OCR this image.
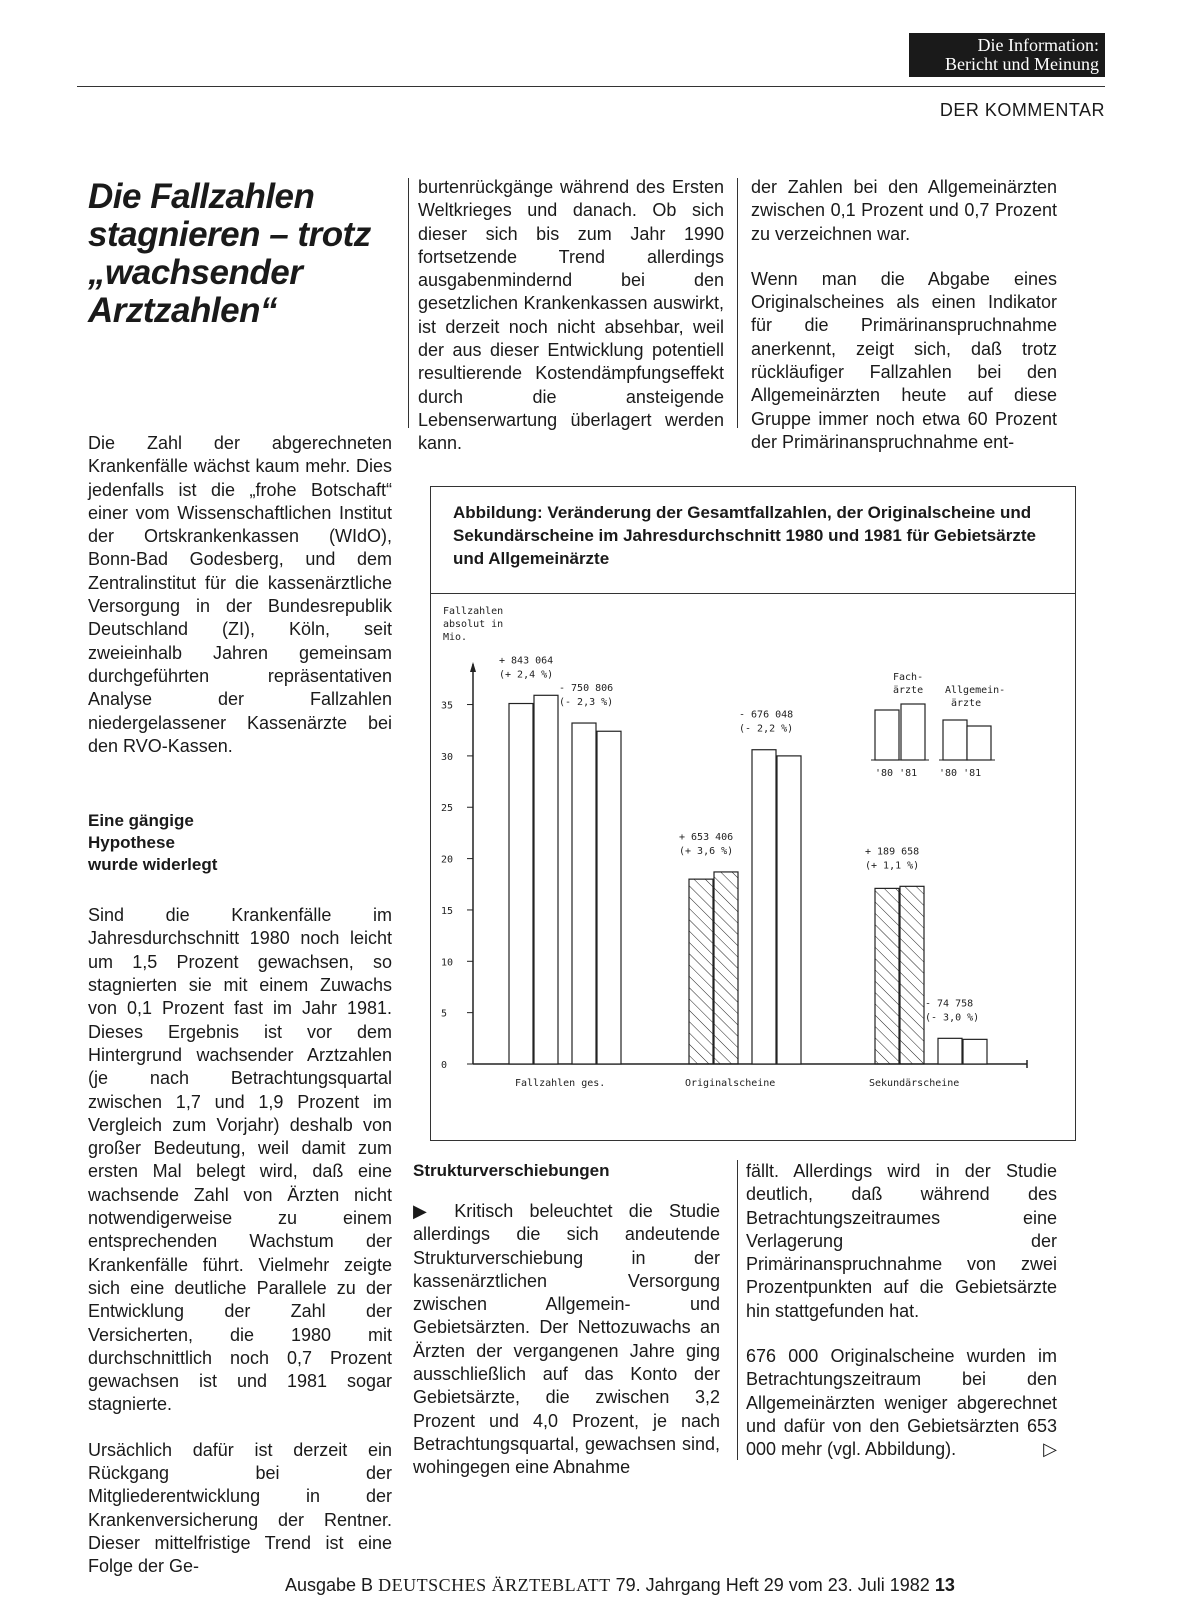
Die Information:
Bericht und Meinung
DER KOMMENTAR
Die Fallzahlen stagnieren – trotz „wachsender Arztzahlen“

Die Zahl der abgerechneten Krankenfälle wächst kaum mehr. Dies jedenfalls ist die „frohe Botschaft“ einer vom Wissenschaftlichen Institut der Ortskrankenkassen (WIdO), Bonn-Bad Godesberg, und dem Zentralinstitut für die kassenärztliche Versorgung in der Bundesrepublik Deutschland (ZI), Köln, seit zweieinhalb Jahren gemeinsam durchgeführten repräsentativen Analyse der Fallzahlen niedergelassener Kassenärzte bei den RVO-Kassen.

Eine gängige
Hypothese
wurde widerlegt

Sind die Krankenfälle im Jahresdurchschnitt 1980 noch leicht um 1,5 Prozent gewachsen, so stagnierten sie mit einem Zuwachs von 0,1 Prozent fast im Jahr 1981. Dieses Ergebnis ist vor dem Hintergrund wachsender Arztzahlen (je nach Betrachtungsquartal zwischen 1,7 und 1,9 Prozent im Vergleich zum Vorjahr) deshalb von großer Bedeutung, weil damit zum ersten Mal belegt wird, daß eine wachsende Zahl von Ärzten nicht notwendigerweise zu einem entsprechenden Wachstum der Krankenfälle führt. Vielmehr zeigte sich eine deutliche Parallele zu der Entwicklung der Zahl der Versicherten, die 1980 mit durchschnittlich noch 0,7 Prozent gewachsen ist und 1981 sogar stagnierte.

Ursächlich dafür ist derzeit ein Rückgang bei der Mitgliederentwicklung in der Krankenversicherung der Rentner. Dieser mittelfristige Trend ist eine Folge der Ge-

burtenrückgänge während des Ersten Weltkrieges und danach. Ob sich dieser sich bis zum Jahr 1990 fortsetzende Trend allerdings ausgabenmindernd bei den gesetzlichen Krankenkassen auswirkt, ist derzeit noch nicht absehbar, weil der aus dieser Entwicklung potentiell resultierende Kostendämpfungseffekt durch die ansteigende Lebenserwartung überlagert werden kann.

der Zahlen bei den Allgemeinärzten zwischen 0,1 Prozent und 0,7 Prozent zu verzeichnen war.

Wenn man die Abgabe eines Originalscheines als einen Indikator für die Primärinanspruchnahme anerkennt, zeigt sich, daß trotz rückläufiger Fallzahlen bei den Allgemeinärzten heute auf diese Gruppe immer noch etwa 60 Prozent der Primärinanspruchnahme ent-

Abbildung: Veränderung der Gesamtfallzahlen, der Originalscheine und Sekundärscheine im Jahresdurchschnitt 1980 und 1981 für Gebietsärzte und Allgemeinärzte
Fallzahlen
absolut in
Mio.
Fach-
ärzte Allgemein-
ärzte
'80 '81 '80 '81
0
5
10
15
20
25
30
35
Fallzahlen ges.
+ 843 064
(+ 2,4 %)
- 750 806
(- 2,3 %)
Originalscheine
+ 653 406
(+ 3,6 %)
- 676 048
(- 2,2 %)
Sekundärscheine
+ 189 658
(+ 1,1 %)
- 74 758
(- 3,0 %)
Strukturverschiebungen

▶ Kritisch beleuchtet die Studie allerdings die sich andeutende Strukturverschiebung in der kassenärztlichen Versorgung zwischen Allgemein- und Gebietsärzten. Der Nettozuwachs an Ärzten der vergangenen Jahre ging ausschließlich auf das Konto der Gebietsärzte, die zwischen 3,2 Prozent und 4,0 Prozent, je nach Betrachtungsquartal, gewachsen sind, wohingegen eine Abnahme

fällt. Allerdings wird in der Studie deutlich, daß während des Betrachtungszeitraumes eine Verlagerung der Primärinanspruchnahme von zwei Prozentpunkten auf die Gebietsärzte hin stattgefunden hat.

676 000 Originalscheine wurden im Betrachtungszeitraum bei den Allgemeinärzten weniger abgerechnet und dafür von den Gebietsärzten 653 000 mehr (vgl. Abbildung).	▷

Ausgabe B DEUTSCHES ÄRZTEBLATT 79. Jahrgang Heft 29 vom 23. Juli 1982 13
